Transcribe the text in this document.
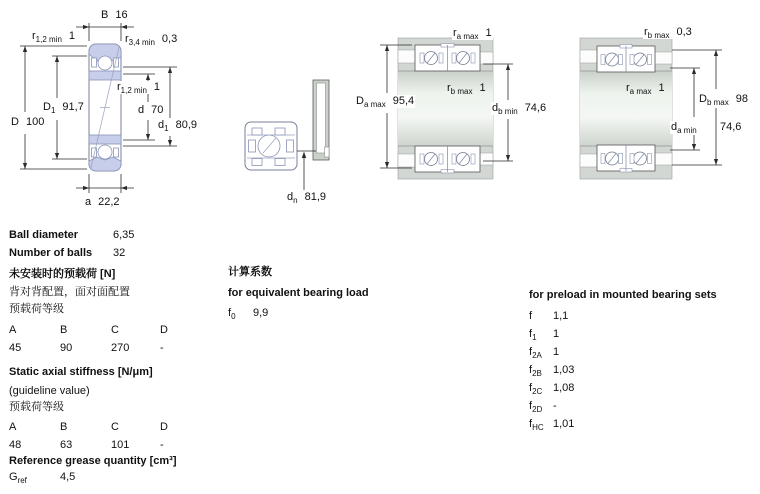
B 16
$r_{1,2 min}$ 1	$r_{3,4 min}$ 0,3
$D_1$ 91,7
D 100
$r_{1,2 min}$ 1
d 70
$d_1$ 80,9
a 22,2	$d_n$ 81,9
$r_{a max}$ 1
$D_{a max}$ 95,4
$r_{b max}$ 1
$d_{b min}$ 74,6
$r_{b max}$ 0,3
$r_{a max}$ 1
$D_{b max}$ 98
$d_{a min}$ 74,6
Ball diameter	6,35
Number of balls 32
未安装时的预载荷 [N]
背对背配置，面对面配置
预载荷等级
A	B	C	D
45	90	270	-
Static axial stiffness [N/μm]
(guideline value)
预载荷等级
A	B	C	D
48	63	101	-
Reference grease quantity [cm³]
$G_{ref}$	4,5
计算系数
for equivalent bearing load
$f_0$ 9,9
for preload in mounted bearing sets
f 1,1
$f_1$ 1
$f_{2A}$ 1
$f_{2B}$ 1,03
$f_{2C}$ 1,08
$f_{2D}$ -
$f_{HC}$ 1,01
